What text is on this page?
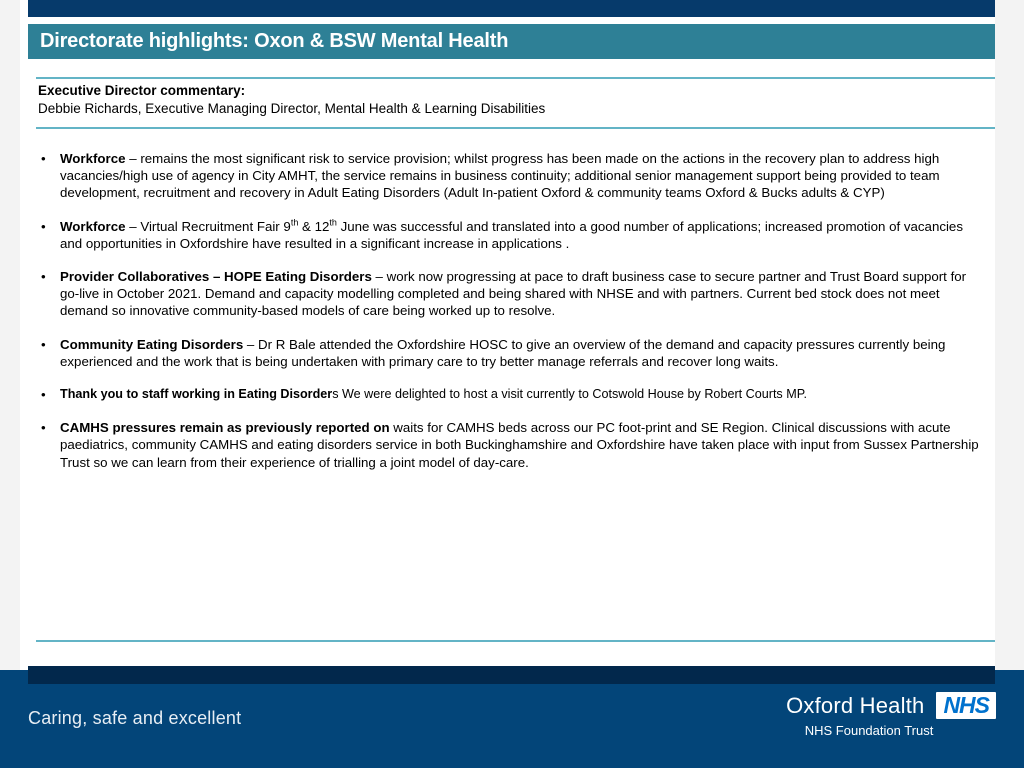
Directorate highlights: Oxon & BSW Mental Health
Executive Director commentary:
Debbie Richards, Executive Managing Director, Mental Health & Learning Disabilities
• Workforce – remains the most significant risk to service provision; whilst progress has been made on the actions in the recovery plan to address high vacancies/high use of agency in City AMHT, the service remains in business continuity; additional senior management support being provided to team development, recruitment and recovery in Adult Eating Disorders (Adult In-patient Oxford & community teams Oxford & Bucks adults & CYP)
• Workforce – Virtual Recruitment Fair 9th & 12th June was successful and translated into a good number of applications; increased promotion of vacancies and opportunities in Oxfordshire have resulted in a significant increase in applications .
• Provider Collaboratives – HOPE Eating Disorders – work now progressing at pace to draft business case to secure partner and Trust Board support for go-live in October 2021. Demand and capacity modelling completed and being shared with NHSE and with partners. Current bed stock does not meet demand so innovative community-based models of care being worked up to resolve.
• Community Eating Disorders – Dr R Bale attended the Oxfordshire HOSC to give an overview of the demand and capacity pressures currently being experienced and the work that is being undertaken with primary care to try better manage referrals and recover long waits.
• Thank you to staff working in Eating Disorders We were delighted to host a visit currently to Cotswold House by Robert Courts MP.
• CAMHS pressures remain as previously reported on waits for CAMHS beds across our PC foot-print and SE Region. Clinical discussions with acute paediatrics, community CAMHS and eating disorders service in both Buckinghamshire and Oxfordshire have taken place with input from Sussex Partnership Trust so we can learn from their experience of trialling a joint model of day-care.
Caring, safe and excellent
Oxford Health NHS
NHS Foundation Trust
